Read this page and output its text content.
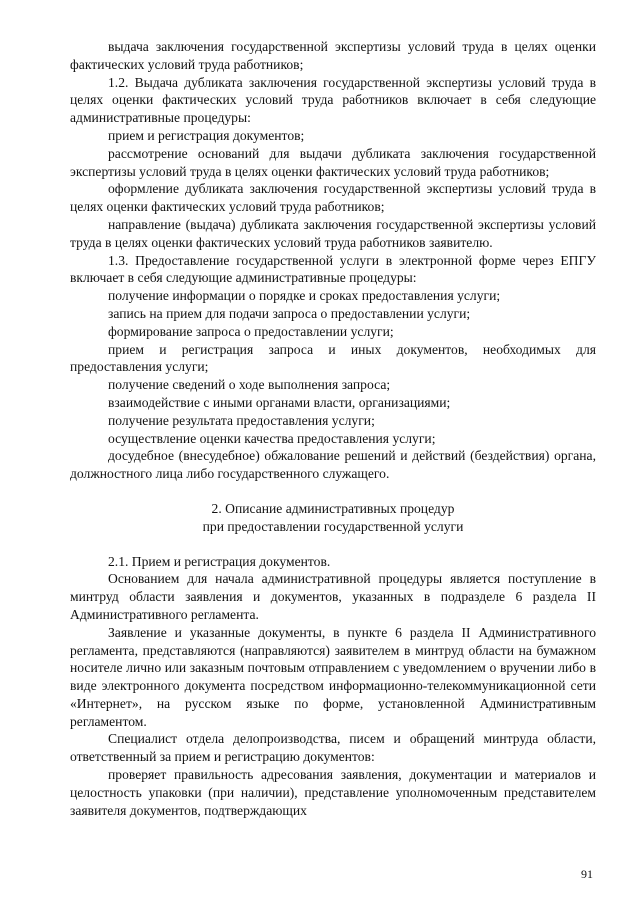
выдача заключения государственной экспертизы условий труда в целях оценки фактических условий труда работников;

1.2. Выдача дубликата заключения государственной экспертизы условий труда в целях оценки фактических условий труда работников включает в себя следующие административные процедуры:

прием и регистрация документов;

рассмотрение оснований для выдачи дубликата заключения государственной экспертизы условий труда в целях оценки фактических условий труда работников;

оформление дубликата заключения государственной экспертизы условий труда в целях оценки фактических условий труда работников;

направление (выдача) дубликата заключения государственной экспертизы условий труда в целях оценки фактических условий труда работников заявителю.

1.3. Предоставление государственной услуги в электронной форме через ЕПГУ включает в себя следующие административные процедуры:

получение информации о порядке и сроках предоставления услуги;

запись на прием для подачи запроса о предоставлении услуги;

формирование запроса о предоставлении услуги;

прием и регистрация запроса и иных документов, необходимых для предоставления услуги;

получение сведений о ходе выполнения запроса;

взаимодействие с иными органами власти, организациями;

получение результата предоставления услуги;

осуществление оценки качества предоставления услуги;

досудебное (внесудебное) обжалование решений и действий (бездействия) органа, должностного лица либо государственного служащего.

2. Описание административных процедур

при предоставлении государственной услуги

2.1. Прием и регистрация документов.

Основанием для начала административной процедуры является поступление в минтруд области заявления и документов, указанных в подразделе 6 раздела II Административного регламента.

Заявление и указанные документы, в пункте 6 раздела II Административного регламента, представляются (направляются) заявителем в минтруд области на бумажном носителе лично или заказным почтовым отправлением с уведомлением о вручении либо в виде электронного документа посредством информационно-телекоммуникационной сети «Интернет», на русском языке по форме, установленной Административным регламентом.

Специалист отдела делопроизводства, писем и обращений минтруда области, ответственный за прием и регистрацию документов:

проверяет правильность адресования заявления, документации и материалов и целостность упаковки (при наличии), представление уполномоченным представителем заявителя документов, подтверждающих

91
